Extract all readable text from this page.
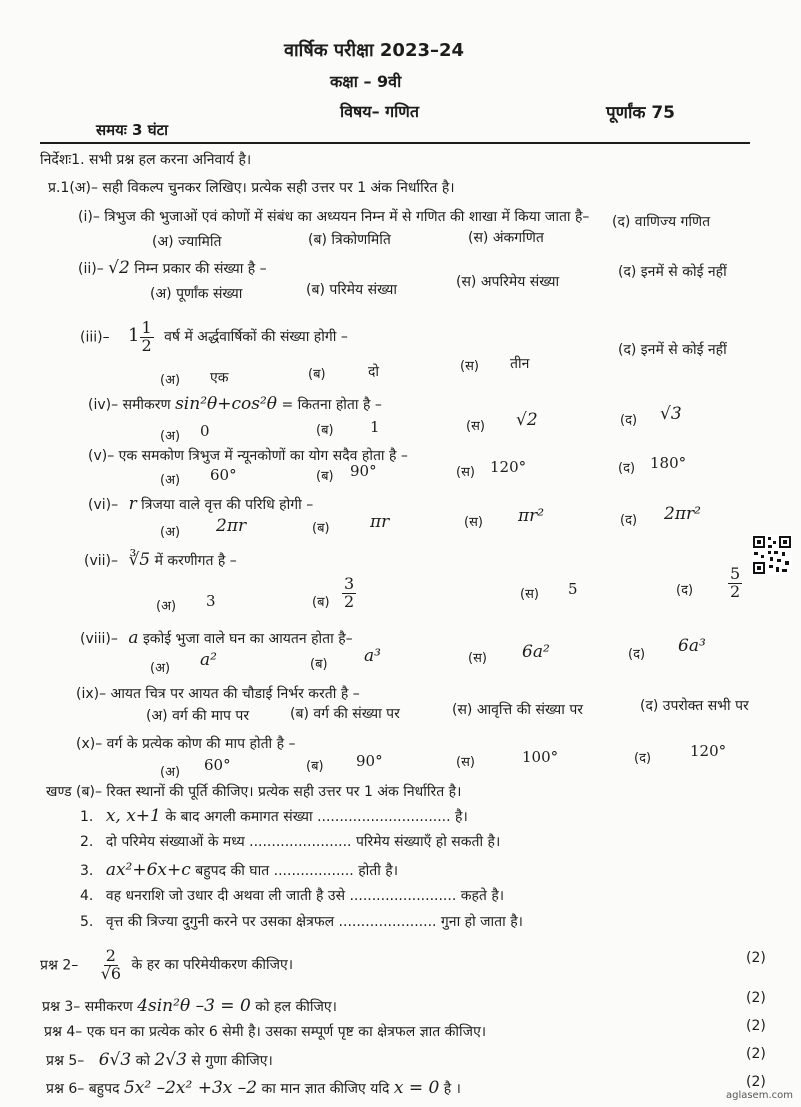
वार्षिक परीक्षा 2023–24
कक्षा – 9वी
विषय– गणित
समयः 3 घंटा
पूर्णांक 75
निर्देशः1. सभी प्रश्न हल करना अनिवार्य है।
प्र.1(अ)– सही विकल्प चुनकर लिखिए। प्रत्येक सही उत्तर पर 1 अंक निर्धारित है।
(i)– त्रिभुज की भुजाओं एवं कोणों में संबंध का अध्ययन निम्न में से गणित की शाखा में किया जाता है–
(अ) ज्यामिति	(ब) त्रिकोणमिति	(स) अंकगणित
(द) वाणिज्य गणित
(ii)– √2 निम्न प्रकार की संख्या है –
(अ) पूर्णांक संख्या	(ब) परिमेय संख्या	(स) अपरिमेय संख्या
(द) इनमें से कोई नहीं
(iii)– $1 \frac{1}{2}$ वर्ष में अर्द्धवार्षिकों की संख्या होगी –
(अ) एक	(ब)	दो	(स) तीन
(द) इनमें से कोई नहीं
(iv)– समीकरण sin²θ+cos²θ = कितना होता है –
(अ) 0	(ब) 1	(स) √2	(द) √3
(v)– एक समकोण त्रिभुज में न्यूनकोणों का योग सदैव होता है –
(अ) 60°	(ब) 90°	(स) 120°	(द) 180°
(vi)– r त्रिजया वाले वृत्त की परिधि होगी –
(अ) 2πr	(ब) πr	(स) πr²	(द) 2πr²
(vii)– ∛5 में करणीगत है –
(अ) 3	(ब) $\frac{3}{2}$	(स) 5	(द) $\frac{5}{2}$
(viii)– a इकोई भुजा वाले घन का आयतन होता है–
(अ) a²	(ब) a³	(स) 6a²	(द) 6a³
(ix)– आयत चित्र पर आयत की चौडाई निर्भर करती है –
(अ) वर्ग की माप पर	(ब) वर्ग की संख्या पर	(स) आवृत्ति की संख्या पर	(द) उपरोक्त सभी पर
(x)– वर्ग के प्रत्येक कोण की माप होती है –
(अ) 60°	(ब) 90°	(स)	100°	(द)	120°
खण्ड (ब)– रिक्त स्थानों की पूर्ति कीजिए। प्रत्येक सही उत्तर पर 1 अंक निर्धारित है।
1. x, x+1 के बाद अगली कमागत संख्या .............................. है।
2. दो परिमेय संख्याओं के मध्य ....................... परिमेय संख्याएँ हो सकती है।
3. ax²+6x+c बहुपद की घात .................. होती है।
4. वह धनराशि जो उधार दी अथवा ली जाती है उसे ........................ कहते है।
5. वृत्त की त्रिज्या दुगुनी करने पर उसका क्षेत्रफल ...................... गुना हो जाता है।
प्रश्न $2- \frac{2}{√6}$ के हर का परिमेयीकरण कीजिए।	(2)
प्रश्न 3– समीकरण 4sin²θ –3 = 0 को हल कीजिए।
(2)
प्रश्न 4– एक घन का प्रत्येक कोर 6 सेमी है। उसका सम्पूर्ण पृष्ट का क्षेत्रफल ज्ञात कीजिए।	(2)
प्रश्न 5– 6√3 को 2√3 से गुणा कीजिए।	(2)
प्रश्न 6– बहुपद 5x² –2x² +3x –2 का मान ज्ञात कीजिए यदि x = 0 है ।	(2)
aglasem.com
